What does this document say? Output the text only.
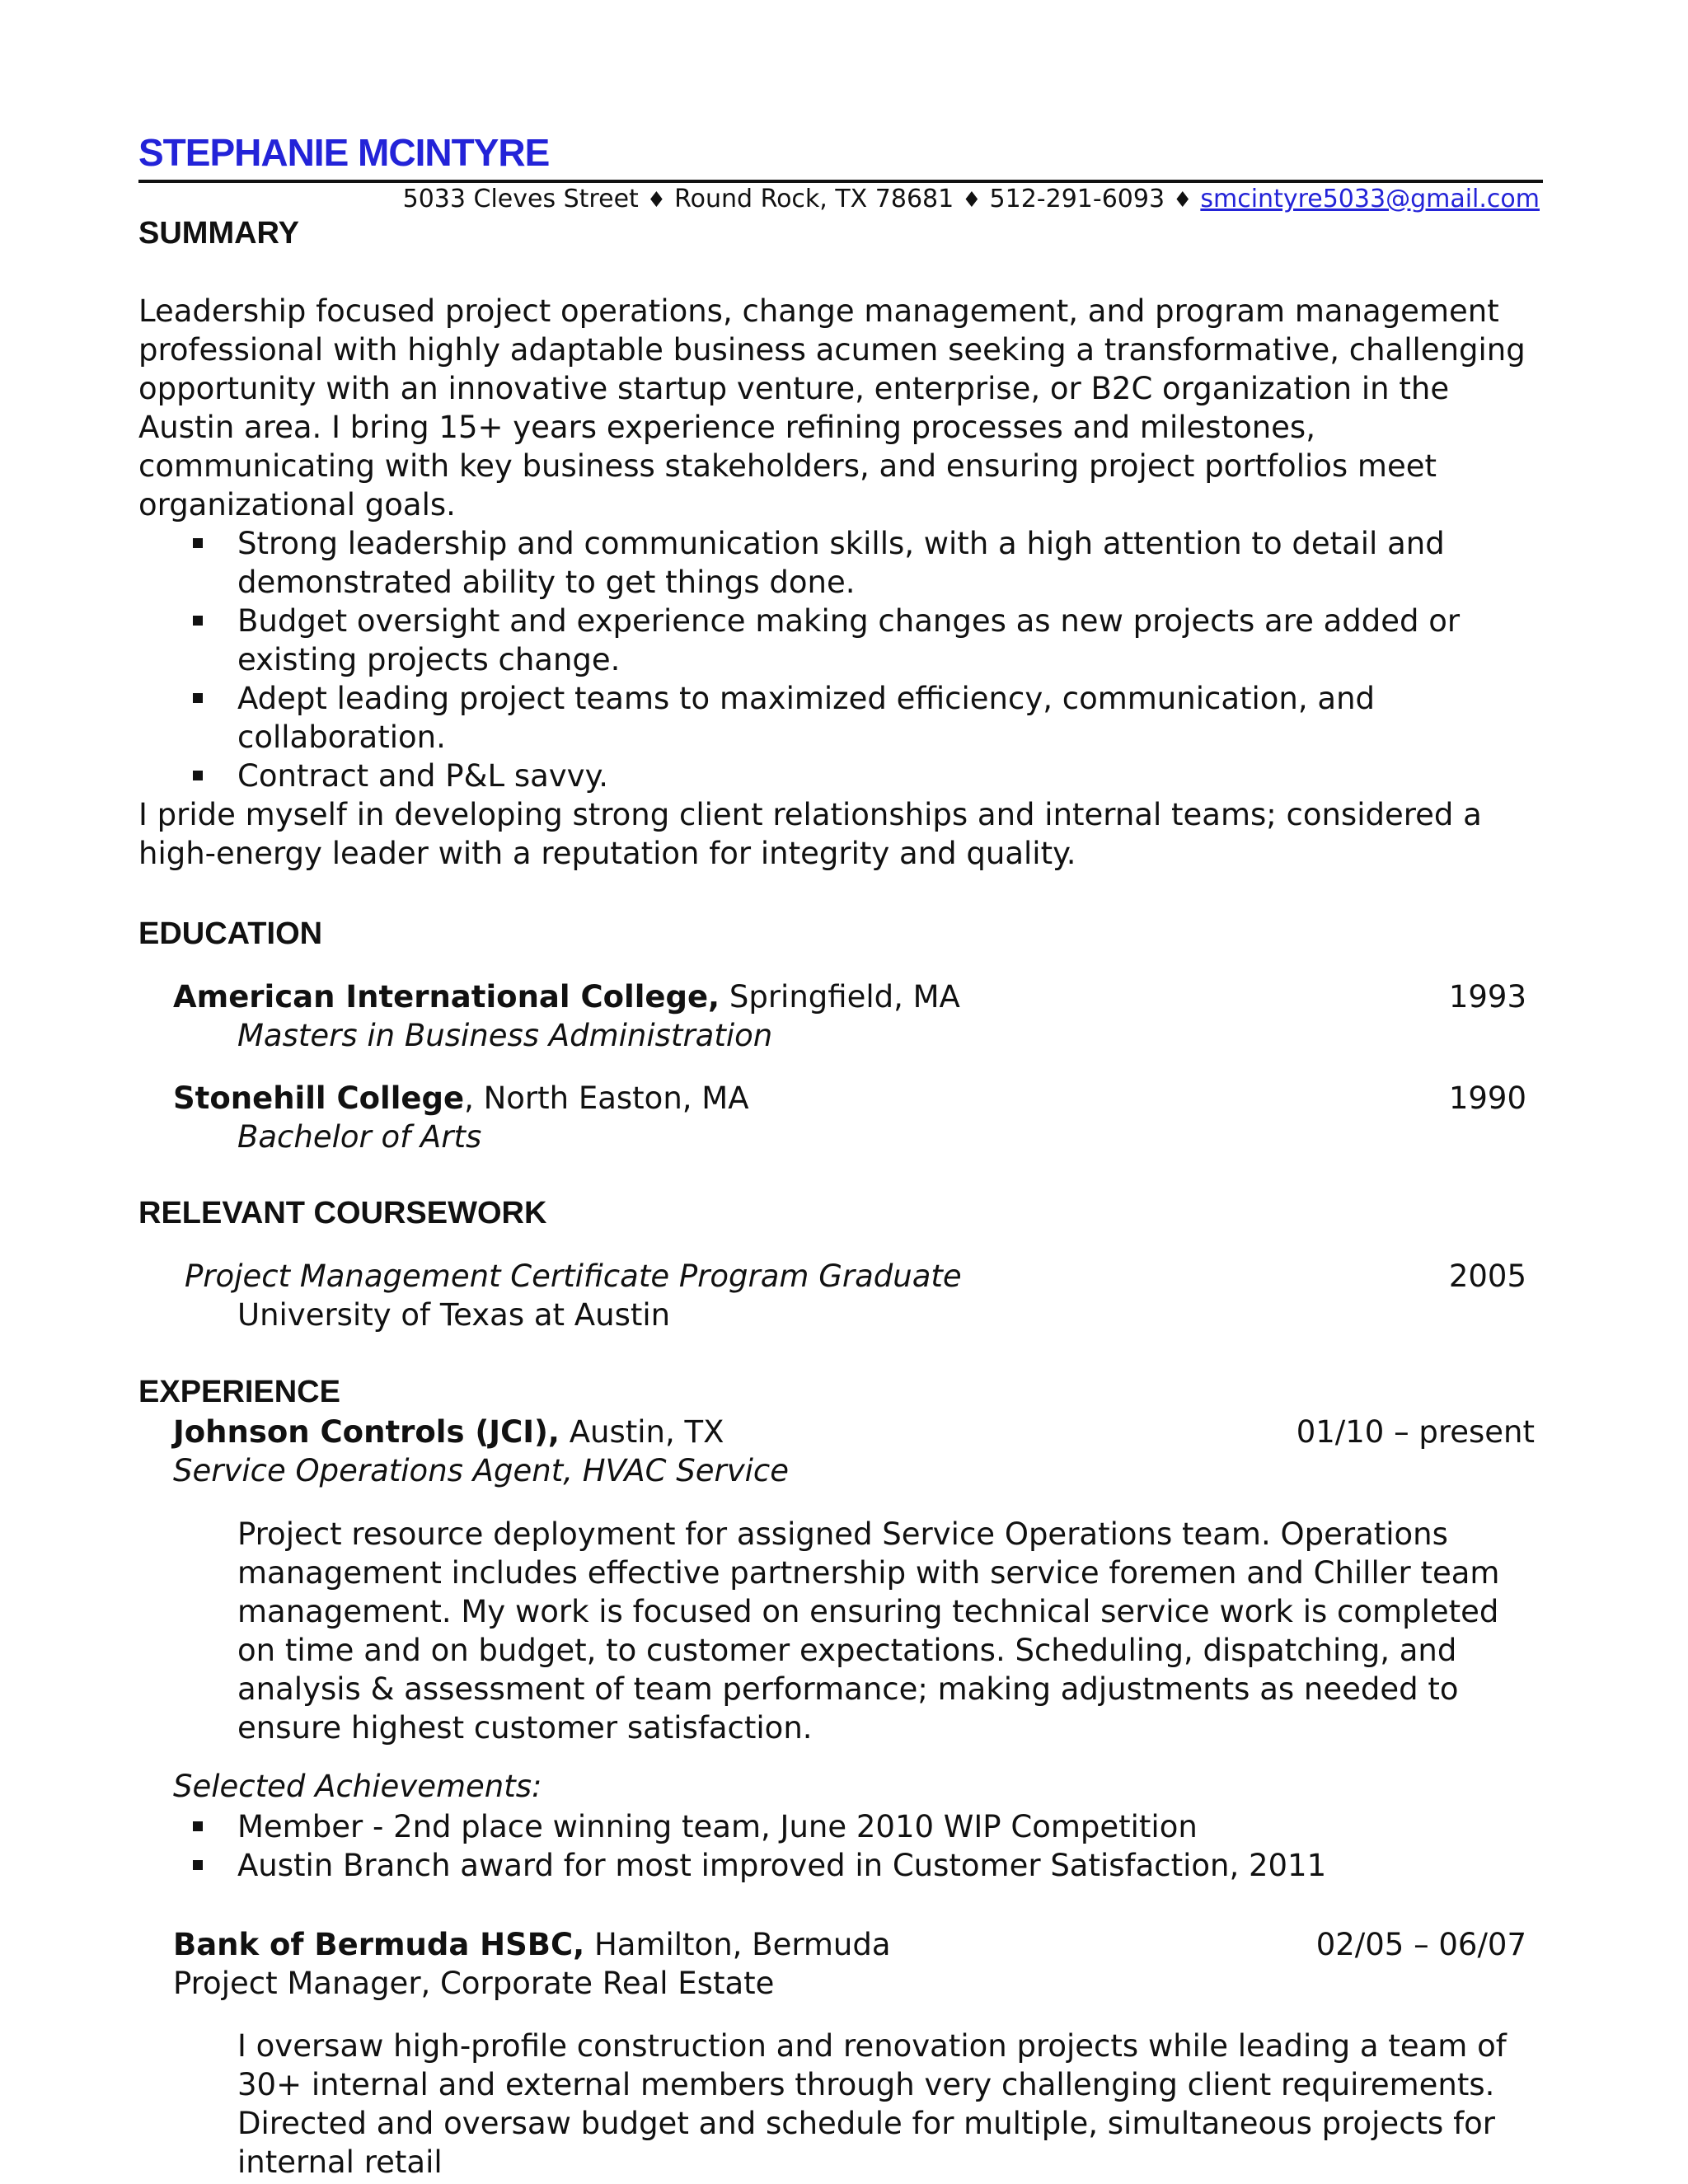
STEPHANIE MCINTYRE
5033 Cleves Street ♦ Round Rock, TX 78681 ♦ 512-291-6093 ♦ smcintyre5033@gmail.com
SUMMARY

Leadership focused project operations, change management, and program management professional with highly adaptable business acumen seeking a transformative, challenging opportunity with an innovative startup venture, enterprise, or B2C organization in the Austin area. I bring 15+ years experience refining processes and milestones, communicating with key business stakeholders, and ensuring project portfolios meet organizational goals.

Strong leadership and communication skills, with a high attention to detail and demonstrated ability to get things done.
Budget oversight and experience making changes as new projects are added or existing projects change.
Adept leading project teams to maximized efficiency, communication, and collaboration.
Contract and P&L savvy.

I pride myself in developing strong client relationships and internal teams; considered a high-energy leader with a reputation for integrity and quality.

EDUCATION
American International College, Springfield, MA	1993
Masters in Business Administration
Stonehill College, North Easton, MA	1990
Bachelor of Arts
RELEVANT COURSEWORK
Project Management Certificate Program Graduate	2005
University of Texas at Austin
EXPERIENCE
Johnson Controls (JCI), Austin, TX	01/10 – present
Service Operations Agent, HVAC Service

Project resource deployment for assigned Service Operations team. Operations management includes effective partnership with service foremen and Chiller team management. My work is focused on ensuring technical service work is completed on time and on budget, to customer expectations. Scheduling, dispatching, and analysis & assessment of team performance; making adjustments as needed to ensure highest customer satisfaction.

Selected Achievements:
Member - 2nd place winning team, June 2010 WIP Competition
Austin Branch award for most improved in Customer Satisfaction, 2011
Bank of Bermuda HSBC, Hamilton, Bermuda	02/05 – 06/07
Project Manager, Corporate Real Estate

I oversaw high-profile construction and renovation projects while leading a team of 30+ internal and external members through very challenging client requirements. Directed and oversaw budget and schedule for multiple, simultaneous projects for internal retail
